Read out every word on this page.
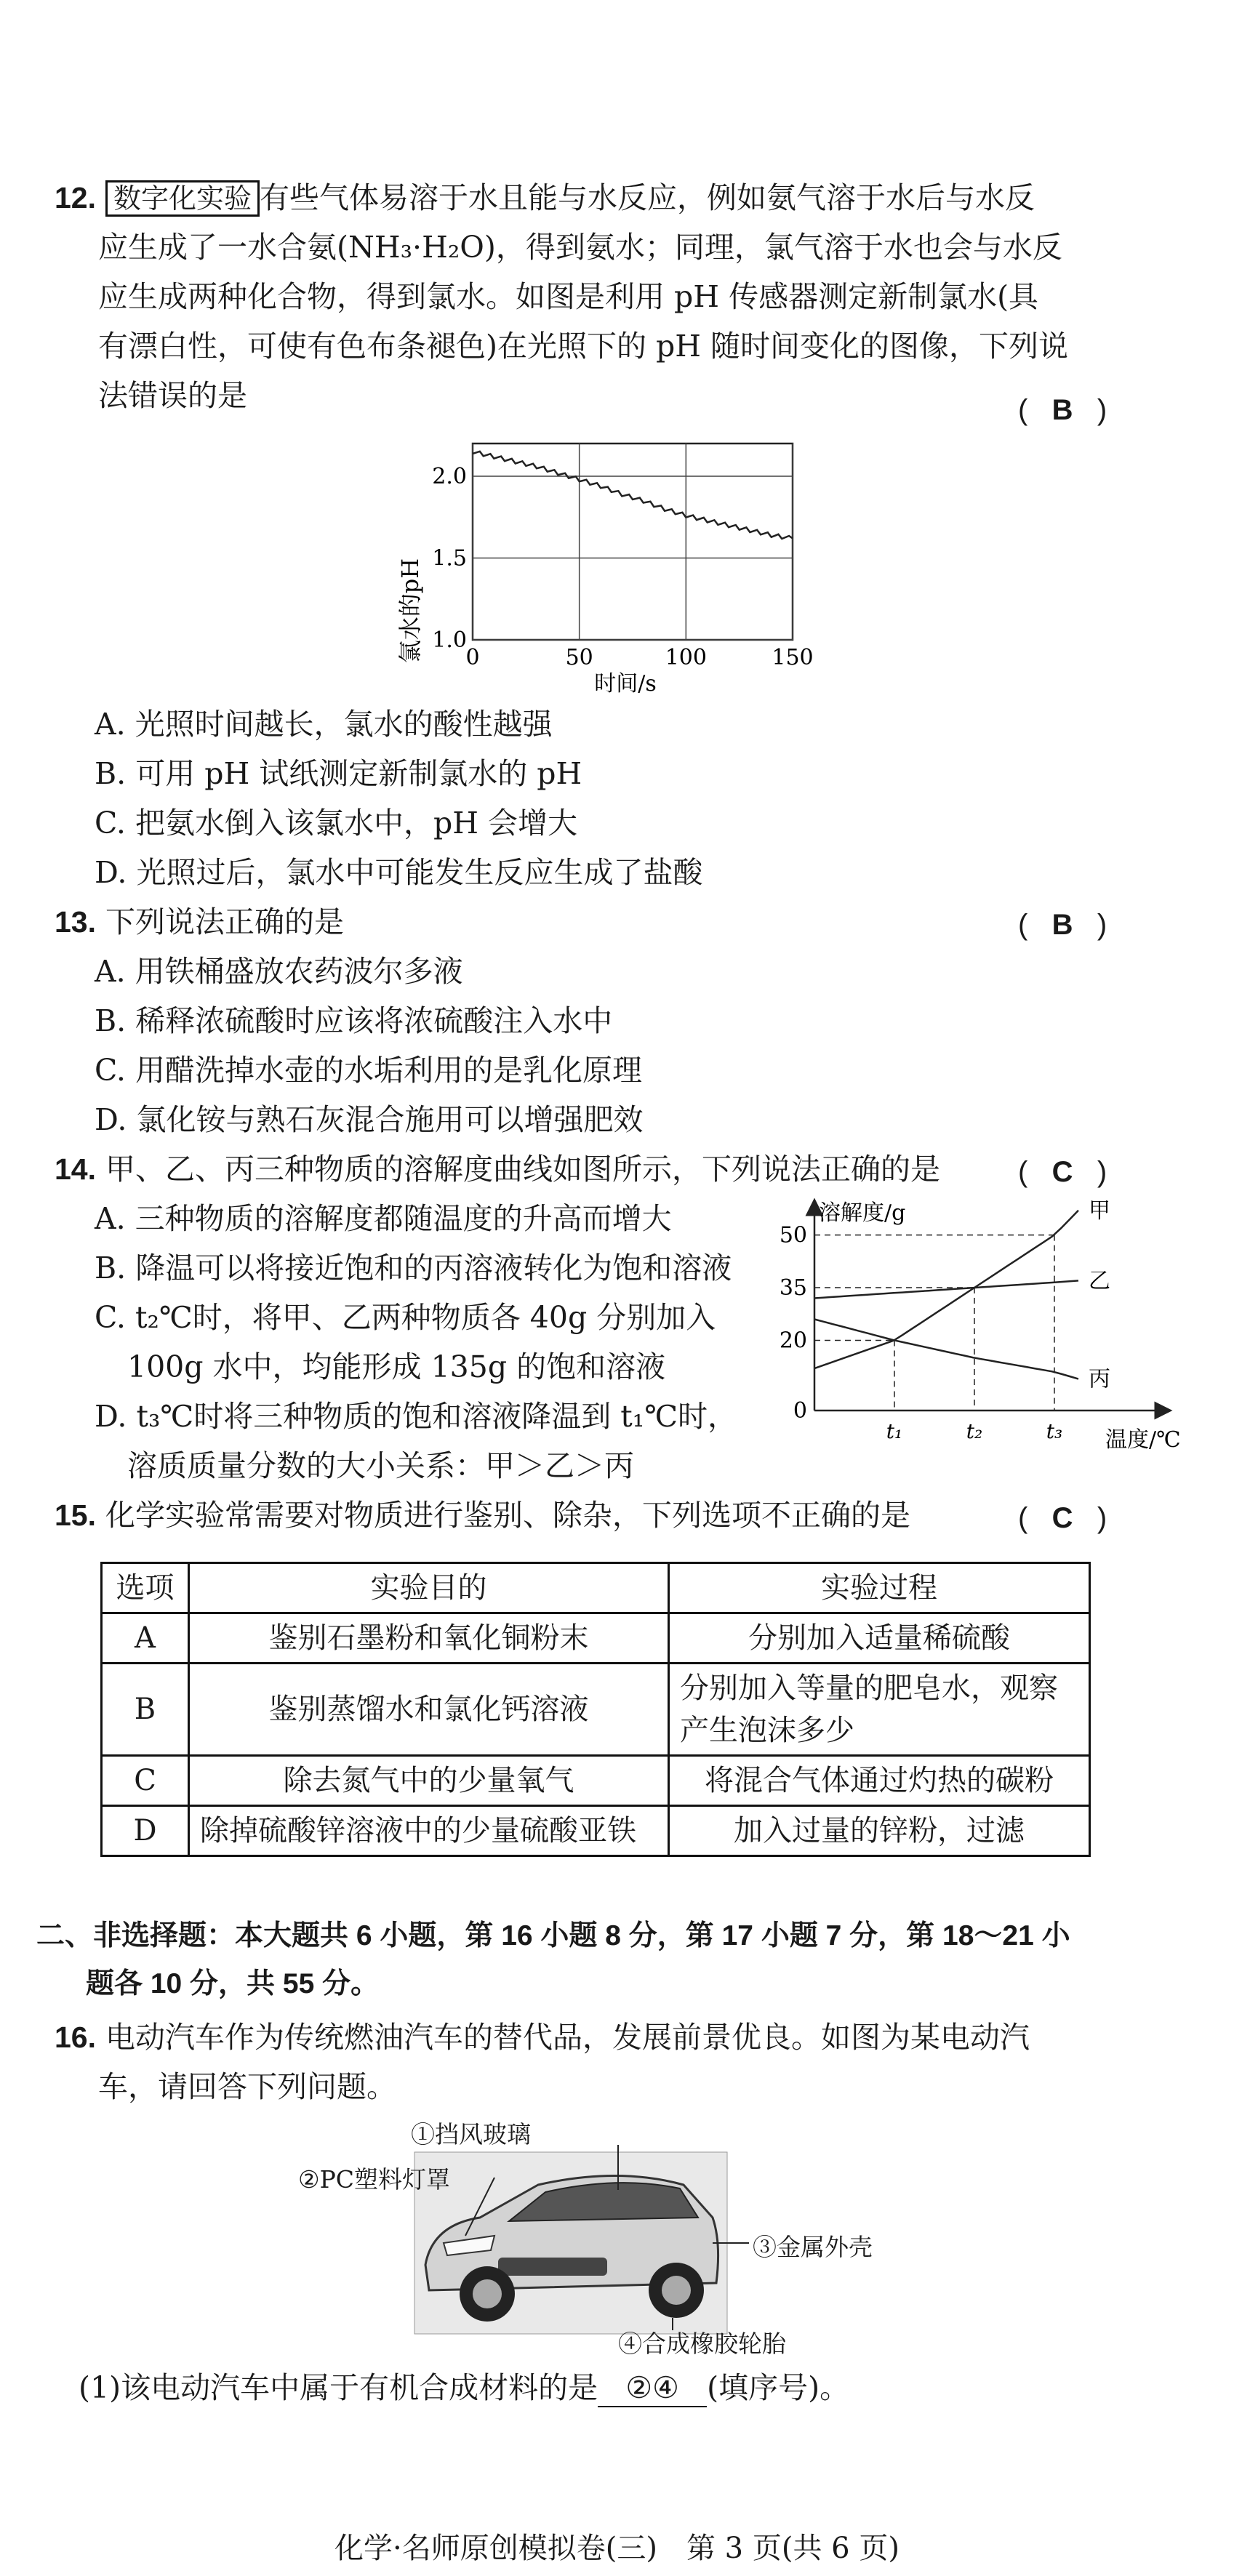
12. 数字化实验 有些气体易溶于水且能与水反应，例如氨气溶于水后与水反
应生成了一水合氨(NH₃·H₂O)，得到氨水；同理，氯气溶于水也会与水反
应生成两种化合物，得到氯水。如图是利用 pH 传感器测定新制氯水(具
有漂白性，可使有色布条褪色)在光照下的 pH 随时间变化的图像，下列说
法错误的是	(   B   )
0	50	100	150
1.0
1.5
2.0
氯水的pH
时间/s
A. 光照时间越长，氯水的酸性越强
B. 可用 pH 试纸测定新制氯水的 pH
C. 把氨水倒入该氯水中，pH 会增大
D. 光照过后，氯水中可能发生反应生成了盐酸
13. 下列说法正确的是	(   B   )
A. 用铁桶盛放农药波尔多液
B. 稀释浓硫酸时应该将浓硫酸注入水中
C. 用醋洗掉水壶的水垢利用的是乳化原理
D. 氯化铵与熟石灰混合施用可以增强肥效
14. 甲、乙、丙三种物质的溶解度曲线如图所示，下列说法正确的是	(   C   )
A. 三种物质的溶解度都随温度的升高而增大
B. 降温可以将接近饱和的丙溶液转化为饱和溶液
C. t₂℃时，将甲、乙两种物质各 40g 分别加入
100g 水中，均能形成 135g 的饱和溶液
D. t₃℃时将三种物质的饱和溶液降温到 t₁℃时，
溶质质量分数的大小关系：甲＞乙＞丙
甲
乙
丙
0
20
35
50
t₁	t₂	t₃
溶解度/g
温度/℃
15. 化学实验常需要对物质进行鉴别、除杂，下列选项不正确的是	(   C   )
选项	实验目的	实验过程
A	鉴别石墨粉和氧化铜粉末	分别加入适量稀硫酸
B	鉴别蒸馏水和氯化钙溶液	分别加入等量的肥皂水，观察产生泡沫多少
C	除去氮气中的少量氧气	将混合气体通过灼热的碳粉
D	除掉硫酸锌溶液中的少量硫酸亚铁	加入过量的锌粉，过滤
二、非选择题：本大题共 6 小题，第 16 小题 8 分，第 17 小题 7 分，第 18～21 小
题各 10 分，共 55 分。
16. 电动汽车作为传统燃油汽车的替代品，发展前景优良。如图为某电动汽
车，请回答下列问题。
①挡风玻璃
②PC塑料灯罩
③金属外壳
④合成橡胶轮胎
(1)该电动汽车中属于有机合成材料的是 ②④ (填序号)。
化学·名师原创模拟卷(三)　第 3 页(共 6 页)
